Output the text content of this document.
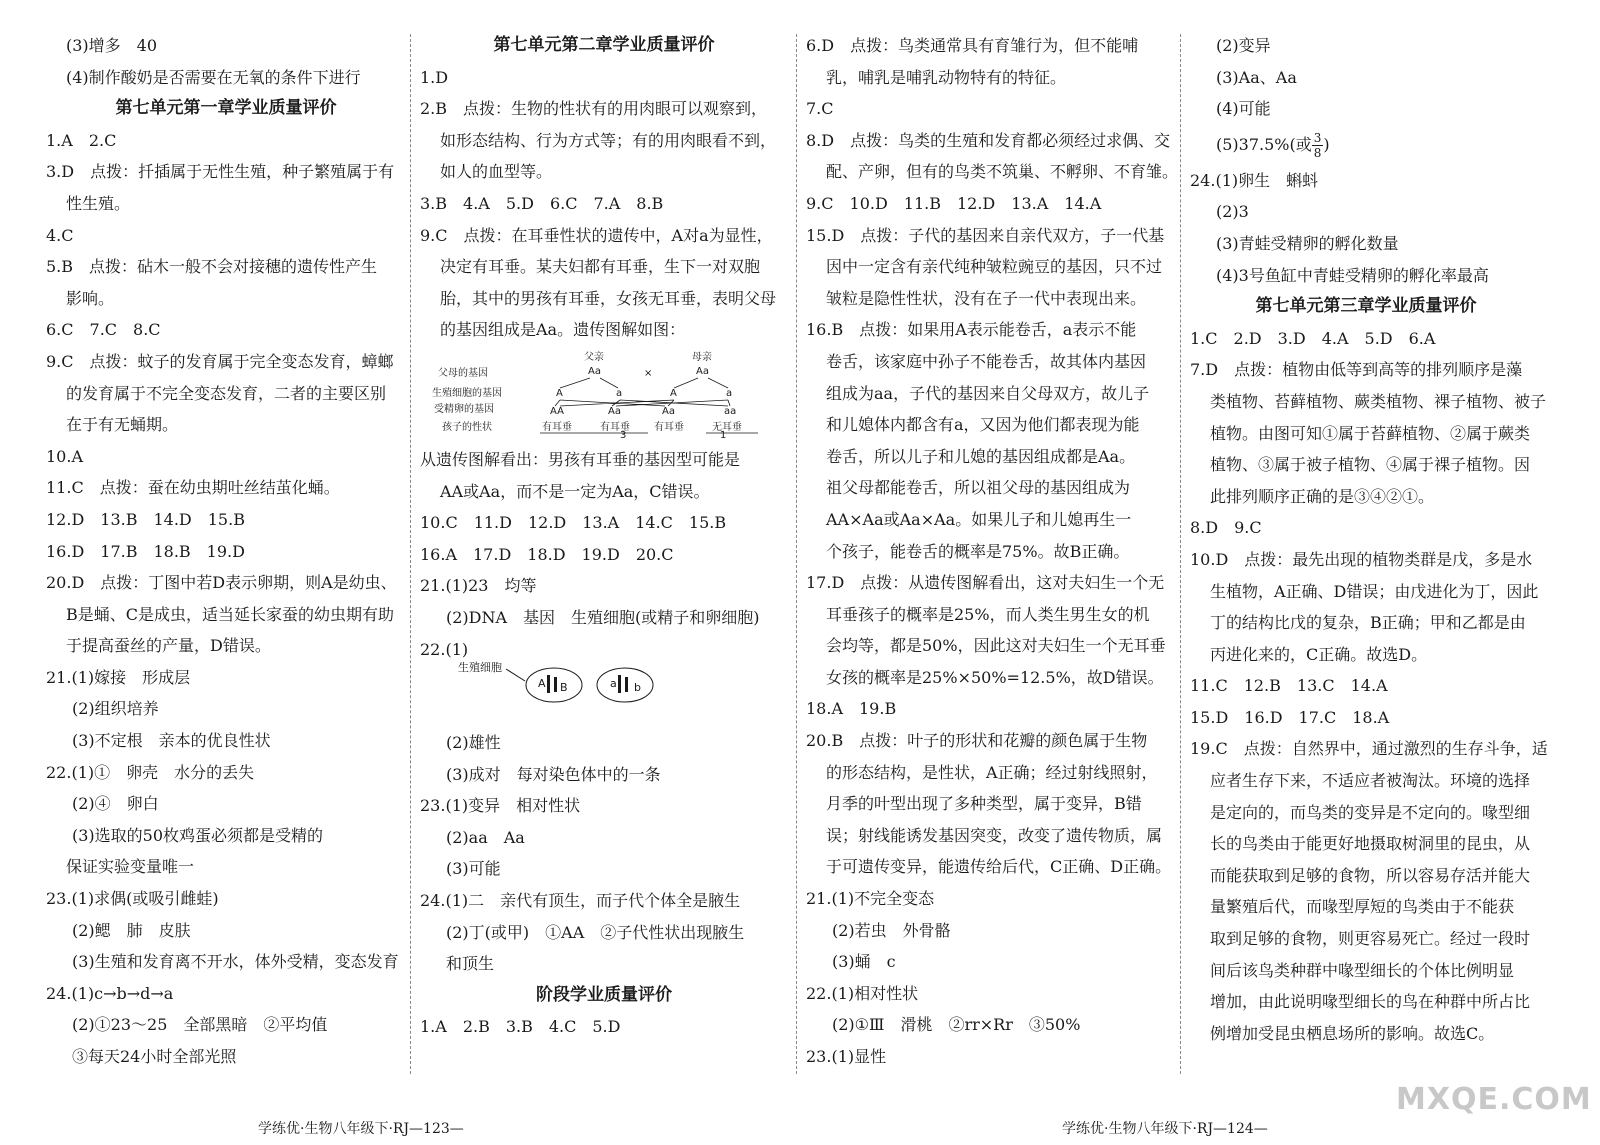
(3)增多　40
(4)制作酸奶是否需要在无氧的条件下进行
第七单元第一章学业质量评价
1.A　2.C
3.D　点拨：扦插属于无性生殖，种子繁殖属于有
性生殖。
4.C
5.B　点拨：砧木一般不会对接穗的遗传性产生
影响。
6.C　7.C　8.C
9.C　点拨：蚊子的发育属于完全变态发育，蟑螂
的发育属于不完全变态发育，二者的主要区别
在于有无蛹期。
10.A
11.C　点拨：蚕在幼虫期吐丝结茧化蛹。
12.D　13.B　14.D　15.B
16.D　17.B　18.B　19.D
20.D　点拨：丁图中若D表示卵期，则A是幼虫、
B是蛹、C是成虫，适当延长家蚕的幼虫期有助
于提高蚕丝的产量，D错误。
21.(1)嫁接　形成层
(2)组织培养
(3)不定根　亲本的优良性状
22.(1)①　卵壳　水分的丢失
(2)④　卵白
(3)选取的50枚鸡蛋必须都是受精的
保证实验变量唯一
23.(1)求偶(或吸引雌蛙)
(2)鳃　肺　皮肤
(3)生殖和发育离不开水，体外受精，变态发育
24.(1)c→b→d→a
(2)①23～25　全部黑暗　②平均值
③每天24小时全部光照
第七单元第二章学业质量评价
1.D
2.B　点拨：生物的性状有的用肉眼可以观察到，
如形态结构、行为方式等；有的用肉眼看不到，
如人的血型等。
3.B　4.A　5.D　6.C　7.A　8.B
9.C　点拨：在耳垂性状的遗传中，A对a为显性，
决定有耳垂。某夫妇都有耳垂，生下一对双胞
胎，其中的男孩有耳垂，女孩无耳垂，表明父母
的基因组成是Aa。遗传图解如图：
父亲	母亲
×
父母的基因
生殖细胞的基因
受精卵的基因
孩子的性状
Aa	Aa
A	a	A	a
AA	Aa	Aa	aa
有耳垂	有耳垂 有耳垂	无耳垂
3	1
从遗传图解看出：男孩有耳垂的基因型可能是
AA或Aa，而不是一定为Aa，C错误。
10.C　11.D　12.D　13.A　14.C　15.B
16.A　17.D　18.D　19.D　20.C
21.(1)23　均等
(2)DNA　基因　生殖细胞(或精子和卵细胞)
22.(1)
生殖细胞
A B	a b
(2)雄性
(3)成对　每对染色体中的一条
23.(1)变异　相对性状
(2)aa　Aa
(3)可能
24.(1)二　亲代有顶生，而子代个体全是腋生
(2)丁(或甲)　①AA　②子代性状出现腋生
和顶生
阶段学业质量评价
1.A　2.B　3.B　4.C　5.D
6.D　点拨：鸟类通常具有育雏行为，但不能哺
乳，哺乳是哺乳动物特有的特征。
7.C
8.D　点拨：鸟类的生殖和发育都必须经过求偶、交
配、产卵，但有的鸟类不筑巢、不孵卵、不育雏。
9.C　10.D　11.B　12.D　13.A　14.A
15.D　点拨：子代的基因来自亲代双方，子一代基
因中一定含有亲代纯种皱粒豌豆的基因，只不过
皱粒是隐性性状，没有在子一代中表现出来。
16.B　点拨：如果用A表示能卷舌，a表示不能
卷舌，该家庭中孙子不能卷舌，故其体内基因
组成为aa，子代的基因来自父母双方，故儿子
和儿媳体内都含有a，又因为他们都表现为能
卷舌，所以儿子和儿媳的基因组成都是Aa。
祖父母都能卷舌，所以祖父母的基因组成为
AA×Aa或Aa×Aa。如果儿子和儿媳再生一
个孩子，能卷舌的概率是75%。故B正确。
17.D　点拨：从遗传图解看出，这对夫妇生一个无
耳垂孩子的概率是25%，而人类生男生女的机
会均等，都是50%，因此这对夫妇生一个无耳垂
女孩的概率是25%×50%=12.5%，故D错误。
18.A　19.B
20.B　点拨：叶子的形状和花瓣的颜色属于生物
的形态结构，是性状，A正确；经过射线照射，
月季的叶型出现了多种类型，属于变异，B错
误；射线能诱发基因突变，改变了遗传物质，属
于可遗传变异，能遗传给后代，C正确、D正确。
21.(1)不完全变态
(2)若虫　外骨骼
(3)蛹　c
22.(1)相对性状
(2)①Ⅲ　滑桃　②rr×Rr　③50%
23.(1)显性
(2)变异
(3)Aa、Aa
(4)可能
(5)37.5%(或 $\frac{3}{8}$ )
24.(1)卵生　蝌蚪
(2)3
(3)青蛙受精卵的孵化数量
(4)3号鱼缸中青蛙受精卵的孵化率最高
第七单元第三章学业质量评价
1.C　2.D　3.D　4.A　5.D　6.A
7.D　点拨：植物由低等到高等的排列顺序是藻
类植物、苔藓植物、蕨类植物、裸子植物、被子
植物。由图可知①属于苔藓植物、②属于蕨类
植物、③属于被子植物、④属于裸子植物。因
此排列顺序正确的是③④②①。
8.D　9.C
10.D　点拨：最先出现的植物类群是戊，多是水
生植物，A正确、D错误；由戊进化为丁，因此
丁的结构比戊的复杂，B正确；甲和乙都是由
丙进化来的，C正确。故选D。
11.C　12.B　13.C　14.A
15.D　16.D　17.C　18.A
19.C　点拨：自然界中，通过激烈的生存斗争，适
应者生存下来，不适应者被淘汰。环境的选择
是定向的，而鸟类的变异是不定向的。喙型细
长的鸟类由于能更好地摄取树洞里的昆虫，从
而能获取到足够的食物，所以容易存活并能大
量繁殖后代，而喙型厚短的鸟类由于不能获
取到足够的食物，则更容易死亡。经过一段时
间后该鸟类种群中喙型细长的个体比例明显
增加，由此说明喙型细长的鸟在种群中所占比
例增加受昆虫栖息场所的影响。故选C。
MXQE.COM
学练优·生物八年级下·RJ—123—	学练优·生物八年级下·RJ—124—
